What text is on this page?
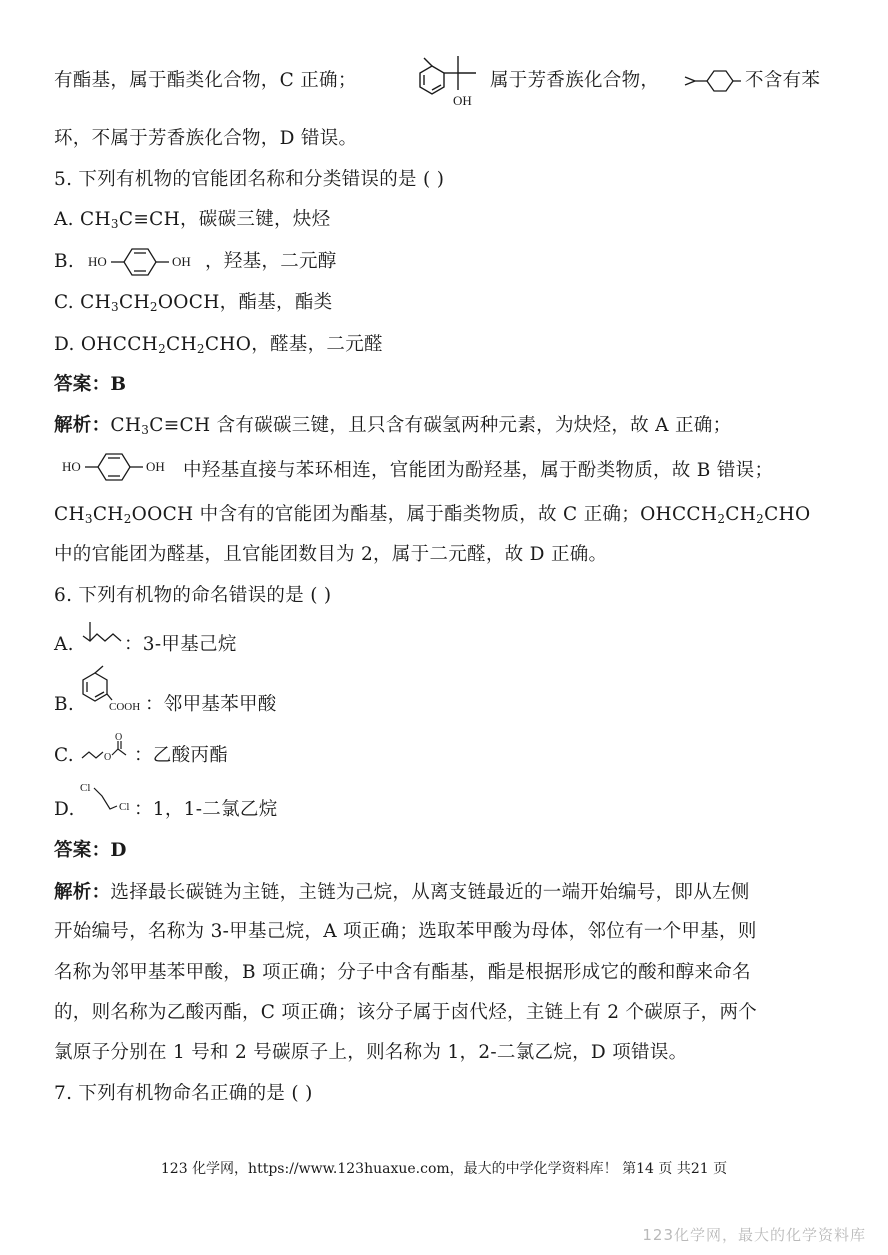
有酯基，属于酯类化合物，C 正确；
OH
属于芳香族化合物，	不含有苯
环，不属于芳香族化合物，D 错误。
5. 下列有机物的官能团名称和分类错误的是 ( )
A. $CH_3C\equiv CH$，碳碳三键，炔烃
B. HO	OH ，羟基，二元醇
C. $CH_3CH_2OOCH$，酯基，酯类
D. $OHCCH_2CH_2CHO$，醛基，二元醛
答案：B
解析：$CH_3C\equiv CH$ 含有碳碳三键，且只含有碳氢两种元素，为炔烃，故 A 正确；
HO	OH 中羟基直接与苯环相连，官能团为酚羟基，属于酚类物质，故 B 错误；
$CH_3CH_2OOCH$ 中含有的官能团为酯基，属于酯类物质，故 C 正确；$OHCCH_2CH_2CHO$
中的官能团为醛基，且官能团数目为 2，属于二元醛，故 D 正确。
6. 下列有机物的命名错误的是 ( )
A.	：3-甲基己烷
B.	COOH ：邻甲基苯甲酸
C.	O
O
：乙酸丙酯
D.
Cl
Cl ：1，1-二氯乙烷
答案：D
解析：选择最长碳链为主链，主链为己烷，从离支链最近的一端开始编号，即从左侧
开始编号，名称为 3-甲基己烷，A 项正确；选取苯甲酸为母体，邻位有一个甲基，则
名称为邻甲基苯甲酸，B 项正确；分子中含有酯基，酯是根据形成它的酸和醇来命名
的，则名称为乙酸丙酯，C 项正确；该分子属于卤代烃，主链上有 2 个碳原子，两个
氯原子分别在 1 号和 2 号碳原子上，则名称为 1，2-二氯乙烷，D 项错误。
7. 下列有机物命名正确的是 ( )
123 化学网，https://www.123huaxue.com，最大的中学化学资料库！ 第14 页 共21 页
123化学网，最大的化学资料库
